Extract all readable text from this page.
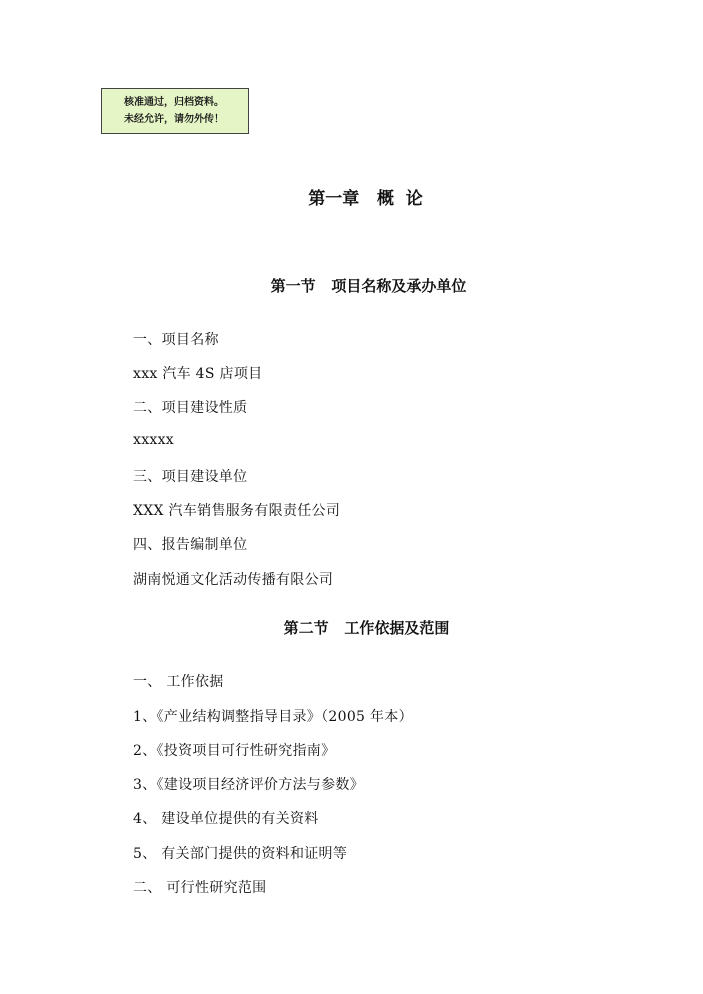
核准通过，归档资料。
未经允许，请勿外传！
第一章   概  论
第一节   项目名称及承办单位
一、项目名称
xxx 汽车 4S 店项目
二、项目建设性质
xxxxx
三、项目建设单位
XXX 汽车销售服务有限责任公司
四、报告编制单位
湖南悦通文化活动传播有限公司
第二节   工作依据及范围
一、 工作依据
1、《产业结构调整指导目录》（2005 年本）
2、《投资项目可行性研究指南》
3、《建设项目经济评价方法与参数》
4、 建设单位提供的有关资料
5、 有关部门提供的资料和证明等
二、 可行性研究范围
